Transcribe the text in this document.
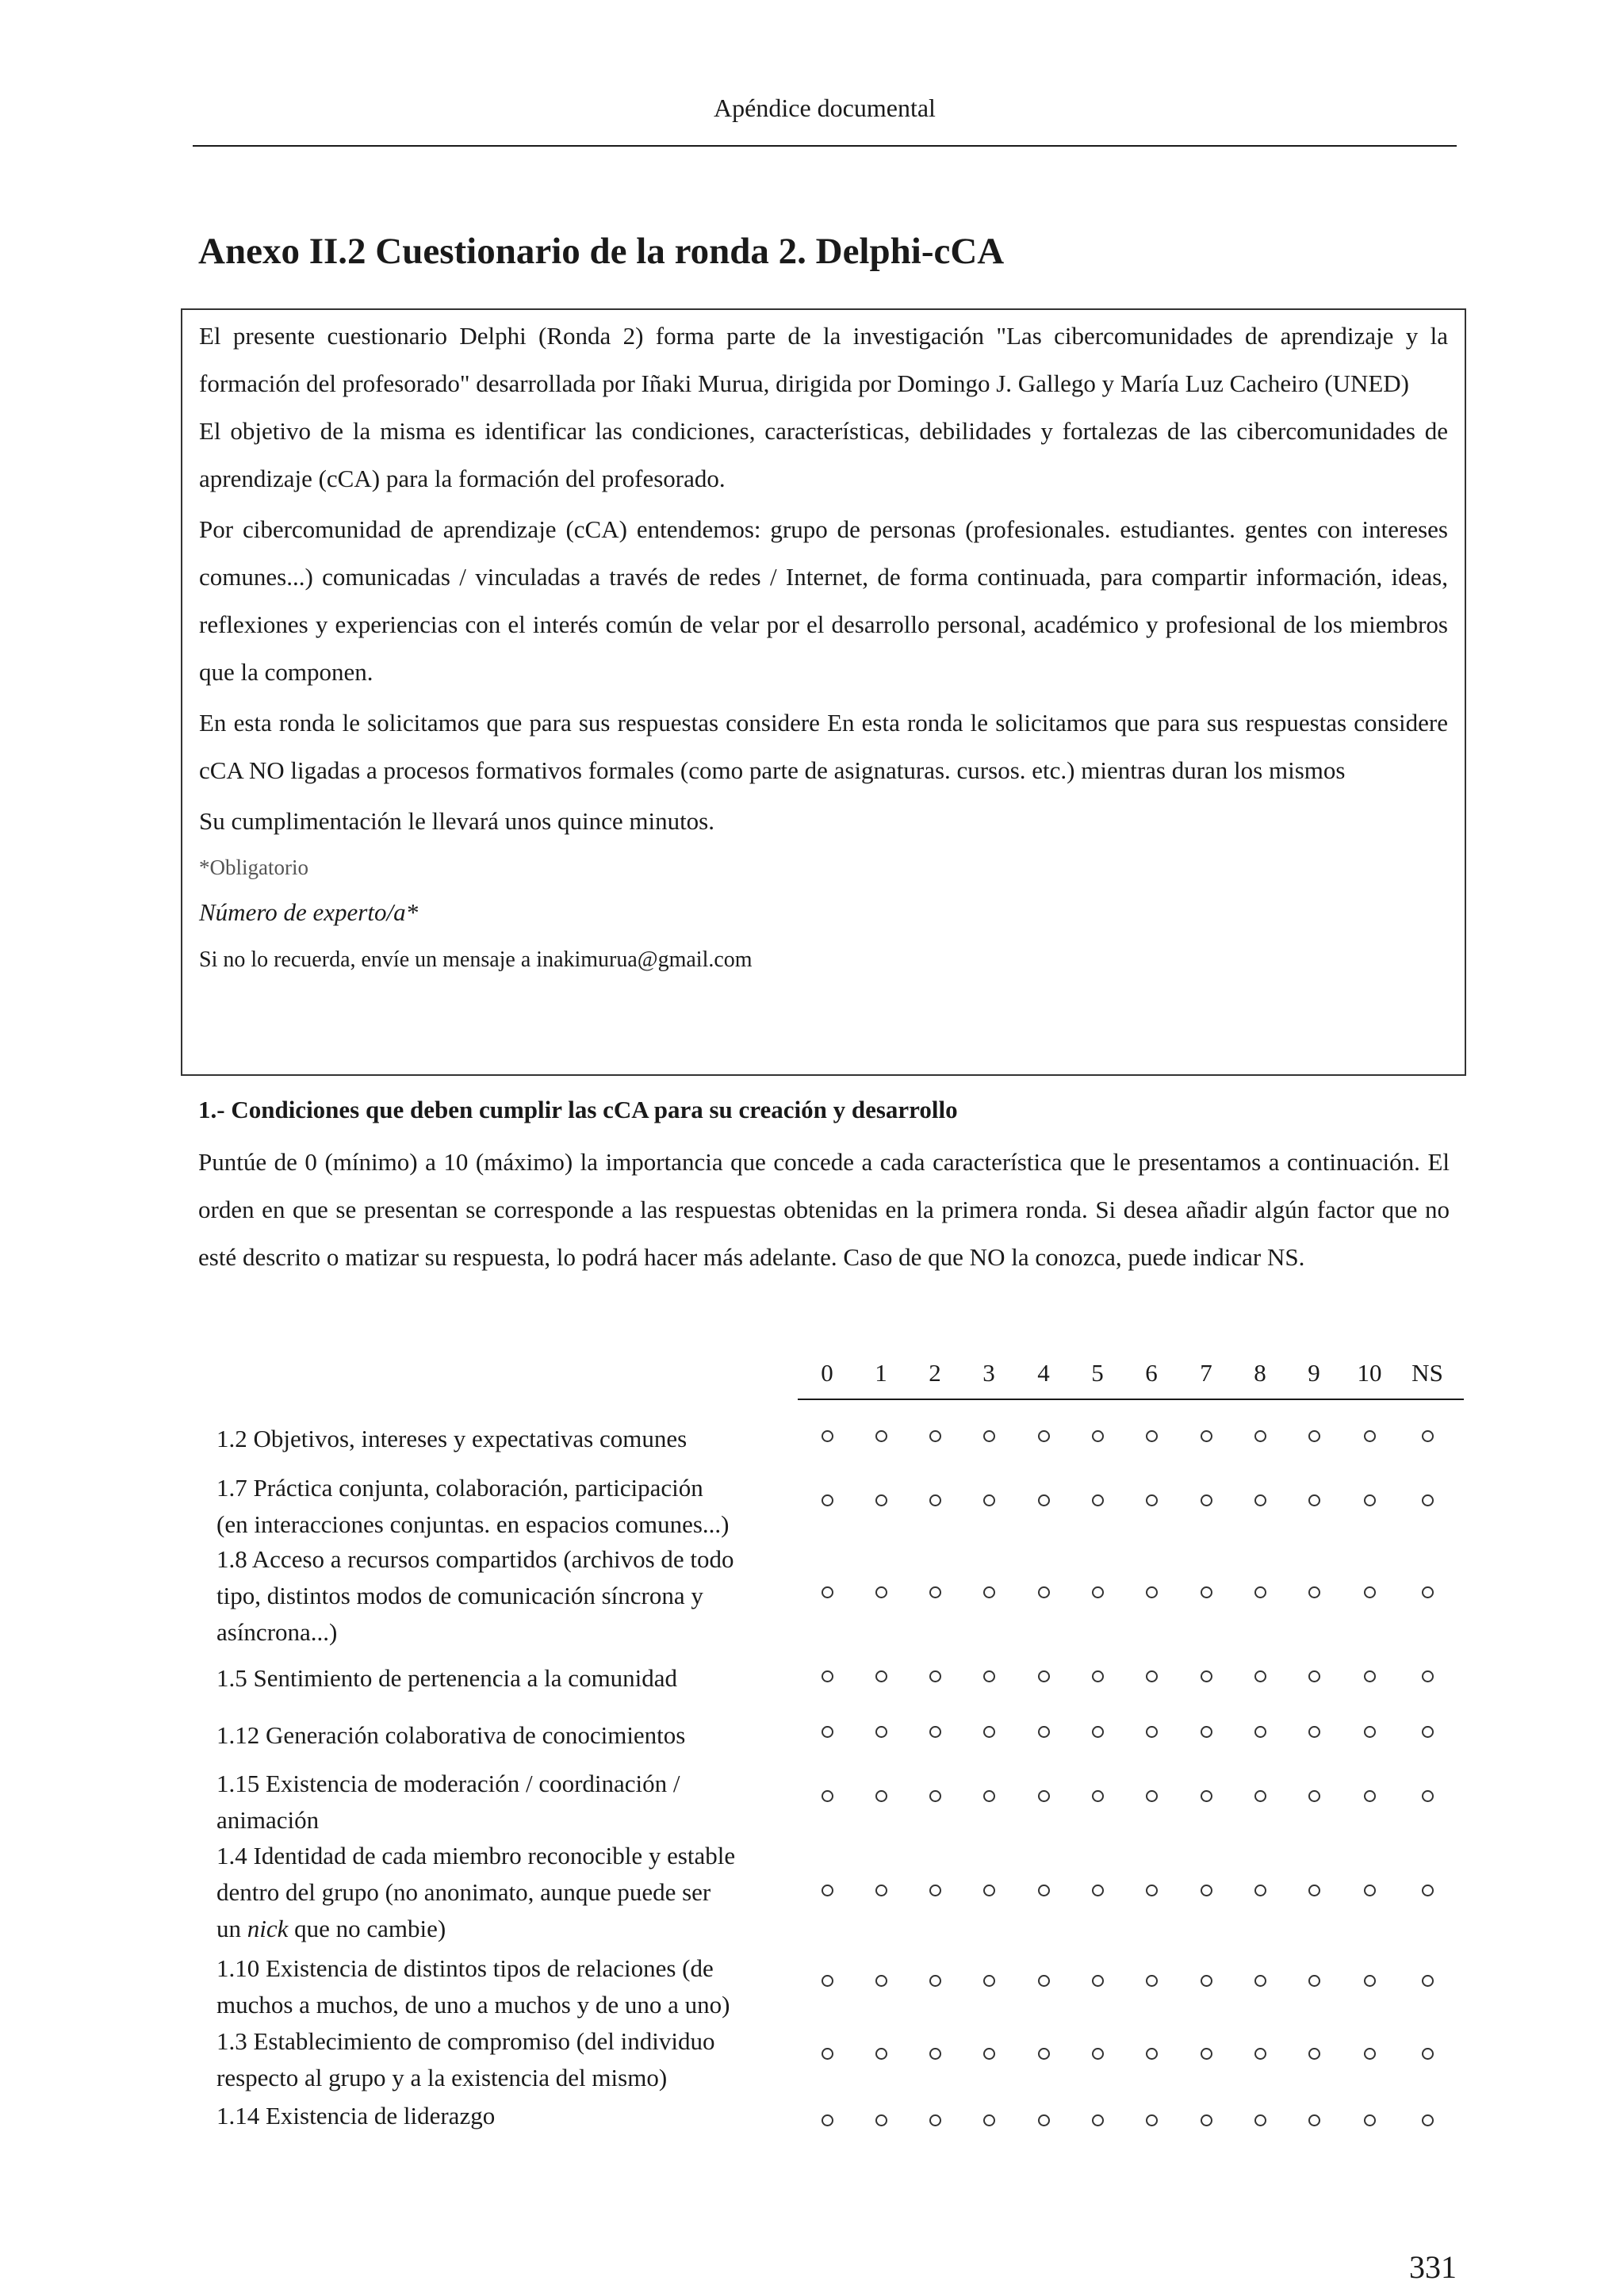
Apéndice documental
Anexo II.2 Cuestionario de la ronda 2. Delphi-cCA

El presente cuestionario Delphi (Ronda 2) forma parte de la investigación "Las cibercomunidades de aprendizaje y la formación del profesorado" desarrollada por Iñaki Murua, dirigida por Domingo J. Gallego y María Luz Cacheiro (UNED)

El objetivo de la misma es identificar las condiciones, características, debilidades y fortalezas de las cibercomunidades de aprendizaje (cCA) para la formación del profesorado.

Por cibercomunidad de aprendizaje (cCA) entendemos: grupo de personas (profesionales. estudiantes. gentes con intereses comunes...) comunicadas / vinculadas a través de redes / Internet, de forma continuada, para compartir información, ideas, reflexiones y experiencias con el interés común de velar por el desarrollo personal, académico y profesional de los miembros que la componen.

En esta ronda le solicitamos que para sus respuestas considere En esta ronda le solicitamos que para sus respuestas considere cCA NO ligadas a procesos formativos formales (como parte de asignaturas. cursos. etc.) mientras duran los mismos

Su cumplimentación le llevará unos quince minutos.

*Obligatorio

Número de experto/a*

Si no lo recuerda, envíe un mensaje a inakimurua@gmail.com

1.- Condiciones que deben cumplir las cCA para su creación y desarrollo

Puntúe de 0 (mínimo) a 10 (máximo) la importancia que concede a cada característica que le presentamos a continuación. El orden en que se presentan se corresponde a las respuestas obtenidas en la primera ronda. Si desea añadir algún factor que no esté descrito o matizar su respuesta, lo podrá hacer más adelante. Caso de que NO la conozca, puede indicar NS.

0 1 2 3 4 5 6 7 8 9 10 NS
1.2 Objetivos, intereses y expectativas comunes
1.7 Práctica conjunta, colaboración, participación
(en interacciones conjuntas. en espacios comunes...)
1.8 Acceso a recursos compartidos (archivos de todo
tipo, distintos modos de comunicación síncrona y
asíncrona...)
1.5 Sentimiento de pertenencia a la comunidad
1.12 Generación colaborativa de conocimientos
1.15 Existencia de moderación / coordinación /
animación
1.4 Identidad de cada miembro reconocible y estable
dentro del grupo (no anonimato, aunque puede ser
un nick que no cambie)
1.10 Existencia de distintos tipos de relaciones (de
muchos a muchos, de uno a muchos y de uno a uno)
1.3 Establecimiento de compromiso (del individuo
respecto al grupo y a la existencia del mismo)
1.14 Existencia de liderazgo
331
